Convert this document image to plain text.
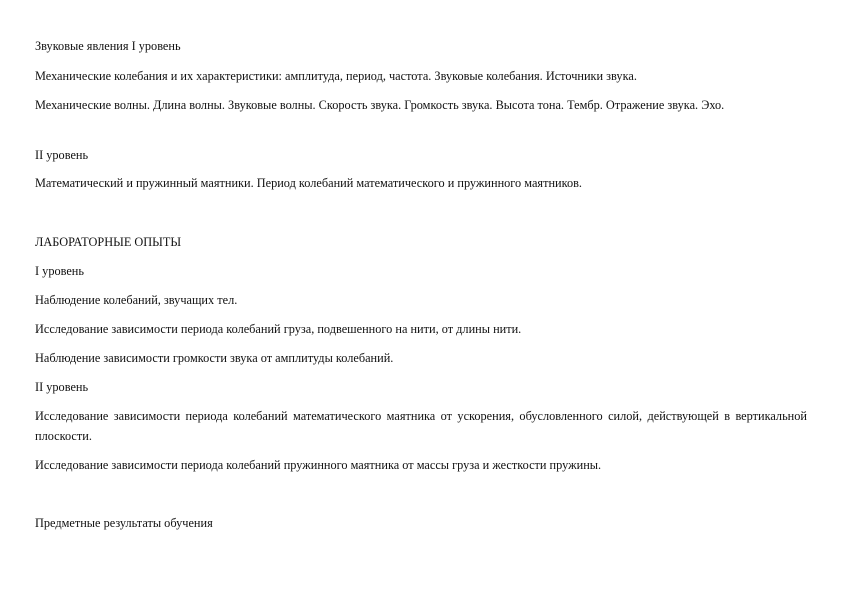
Звуковые явления I уровень
Механические колебания и их характеристики: амплитуда, период, частота. Звуковые колебания. Источники звука.
Механические волны. Длина волны. Звуковые волны. Скорость звука. Громкость звука. Высота тона. Тембр. Отражение звука. Эхо.
II уровень
Математический и пружинный маятники. Период колебаний математического и пружинного маятников.
ЛАБОРАТОРНЫЕ ОПЫТЫ
I уровень
Наблюдение колебаний, звучащих тел.
Исследование зависимости периода колебаний груза, подвешенного на нити, от длины нити.
Наблюдение зависимости громкости звука от амплитуды колебаний.
II уровень
Исследование зависимости периода колебаний математического маятника от ускорения, обусловленного силой, действующей в вертикальной плоскости.
Исследование зависимости периода колебаний пружинного маятника от массы груза и жесткости пружины.
Предметные результаты обучения
